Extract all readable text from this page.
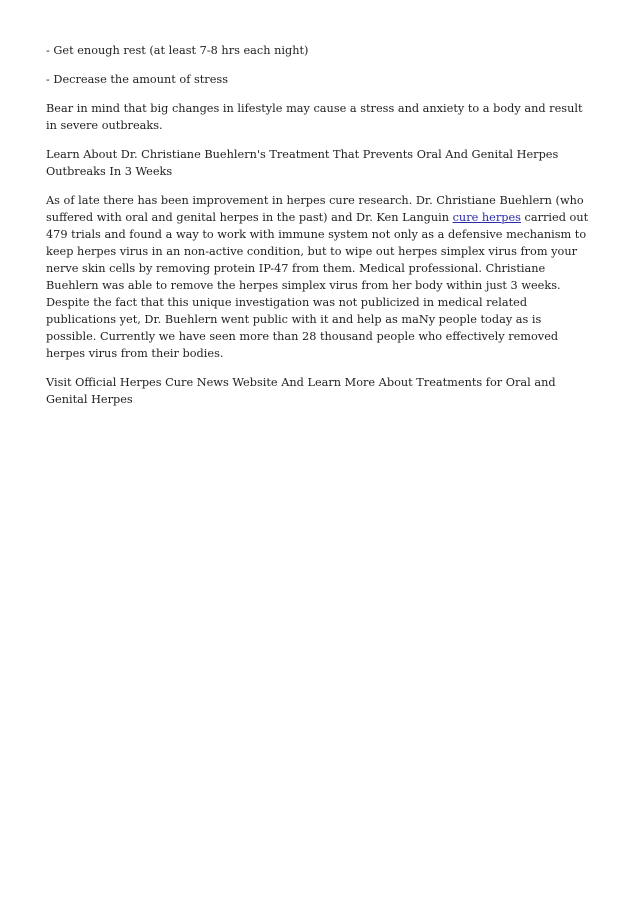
- Get enough rest (at least 7-8 hrs each night)

- Decrease the amount of stress

Bear in mind that big changes in lifestyle may cause a stress and anxiety to a body and result in severe outbreaks.

Learn About Dr. Christiane Buehlern's Treatment That Prevents Oral And Genital Herpes Outbreaks In 3 Weeks

As of late there has been improvement in herpes cure research. Dr. Christiane Buehlern (who suffered with oral and genital herpes in the past) and Dr. Ken Languin cure herpes carried out 479 trials and found a way to work with immune system not only as a defensive mechanism to keep herpes virus in an non-active condition, but to wipe out herpes simplex virus from your nerve skin cells by removing protein IP-47 from them. Medical professional. Christiane Buehlern was able to remove the herpes simplex virus from her body within just 3 weeks. Despite the fact that this unique investigation was not publicized in medical related publications yet, Dr. Buehlern went public with it and help as maNy people today as is possible. Currently we have seen more than 28 thousand people who effectively removed herpes virus from their bodies.

Visit Official Herpes Cure News Website And Learn More About Treatments for Oral and Genital Herpes
